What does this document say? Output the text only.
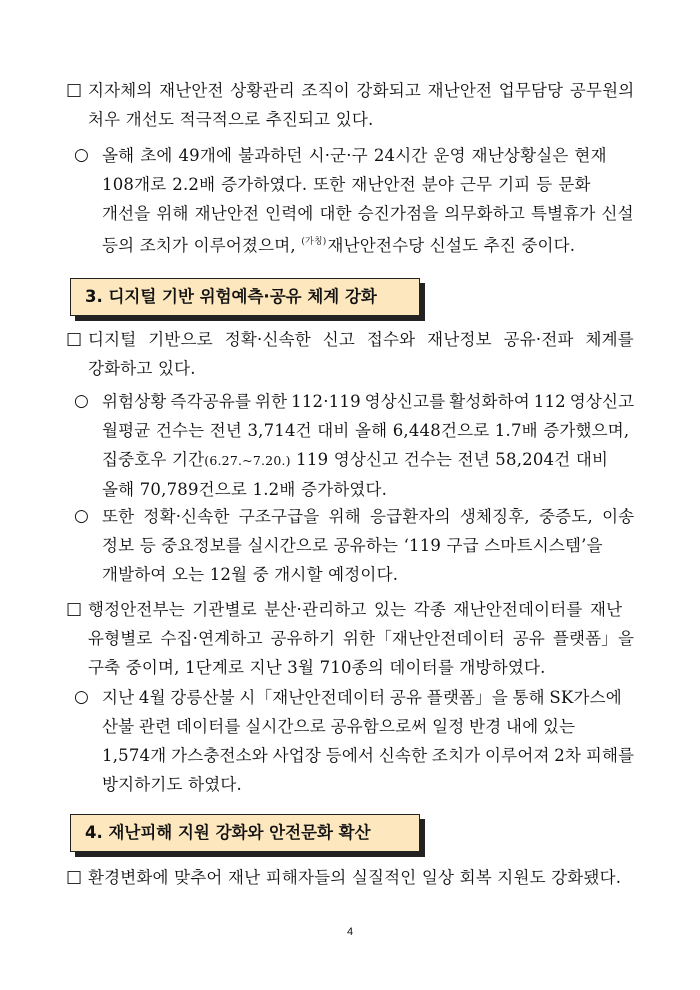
□ 지자체의 재난안전 상황관리 조직이 강화되고 재난안전 업무담당 공무원의
처우 개선도 적극적으로 추진되고 있다.
○ 올해 초에 49개에 불과하던 시·군·구 24시간 운영 재난상황실은 현재
108개로 2.2배 증가하였다. 또한 재난안전 분야 근무 기피 등 문화
개선을 위해 재난안전 인력에 대한 승진가점을 의무화하고 특별휴가 신설
등의 조치가 이루어졌으며, $^{(가칭)}$재난안전수당 신설도 추진 중이다.
3. 디지털 기반 위험예측·공유 체계 강화
□ 디지털 기반으로 정확·신속한 신고 접수와 재난정보 공유·전파 체계를
강화하고 있다.
○ 위험상황 즉각공유를 위한 112·119 영상신고를 활성화하여 112 영상신고
월평균 건수는 전년 3,714건 대비 올해 6,448건으로 1.7배 증가했으며,
집중호우 기간(6.27.~7.20.) 119 영상신고 건수는 전년 58,204건 대비
올해 70,789건으로 1.2배 증가하였다.
○ 또한 정확·신속한 구조구급을 위해 응급환자의 생체징후, 중증도, 이송
정보 등 중요정보를 실시간으로 공유하는 ‘119 구급 스마트시스템’을
개발하여 오는 12월 중 개시할 예정이다.
□ 행정안전부는 기관별로 분산·관리하고 있는 각종 재난안전데이터를 재난
유형별로 수집·연계하고 공유하기 위한「재난안전데이터 공유 플랫폼」을
구축 중이며, 1단계로 지난 3월 710종의 데이터를 개방하였다.
○ 지난 4월 강릉산불 시「재난안전데이터 공유 플랫폼」을 통해 SK가스에
산불 관련 데이터를 실시간으로 공유함으로써 일정 반경 내에 있는
1,574개 가스충전소와 사업장 등에서 신속한 조치가 이루어져 2차 피해를
방지하기도 하였다.
4. 재난피해 지원 강화와 안전문화 확산
□ 환경변화에 맞추어 재난 피해자들의 실질적인 일상 회복 지원도 강화됐다.
4
